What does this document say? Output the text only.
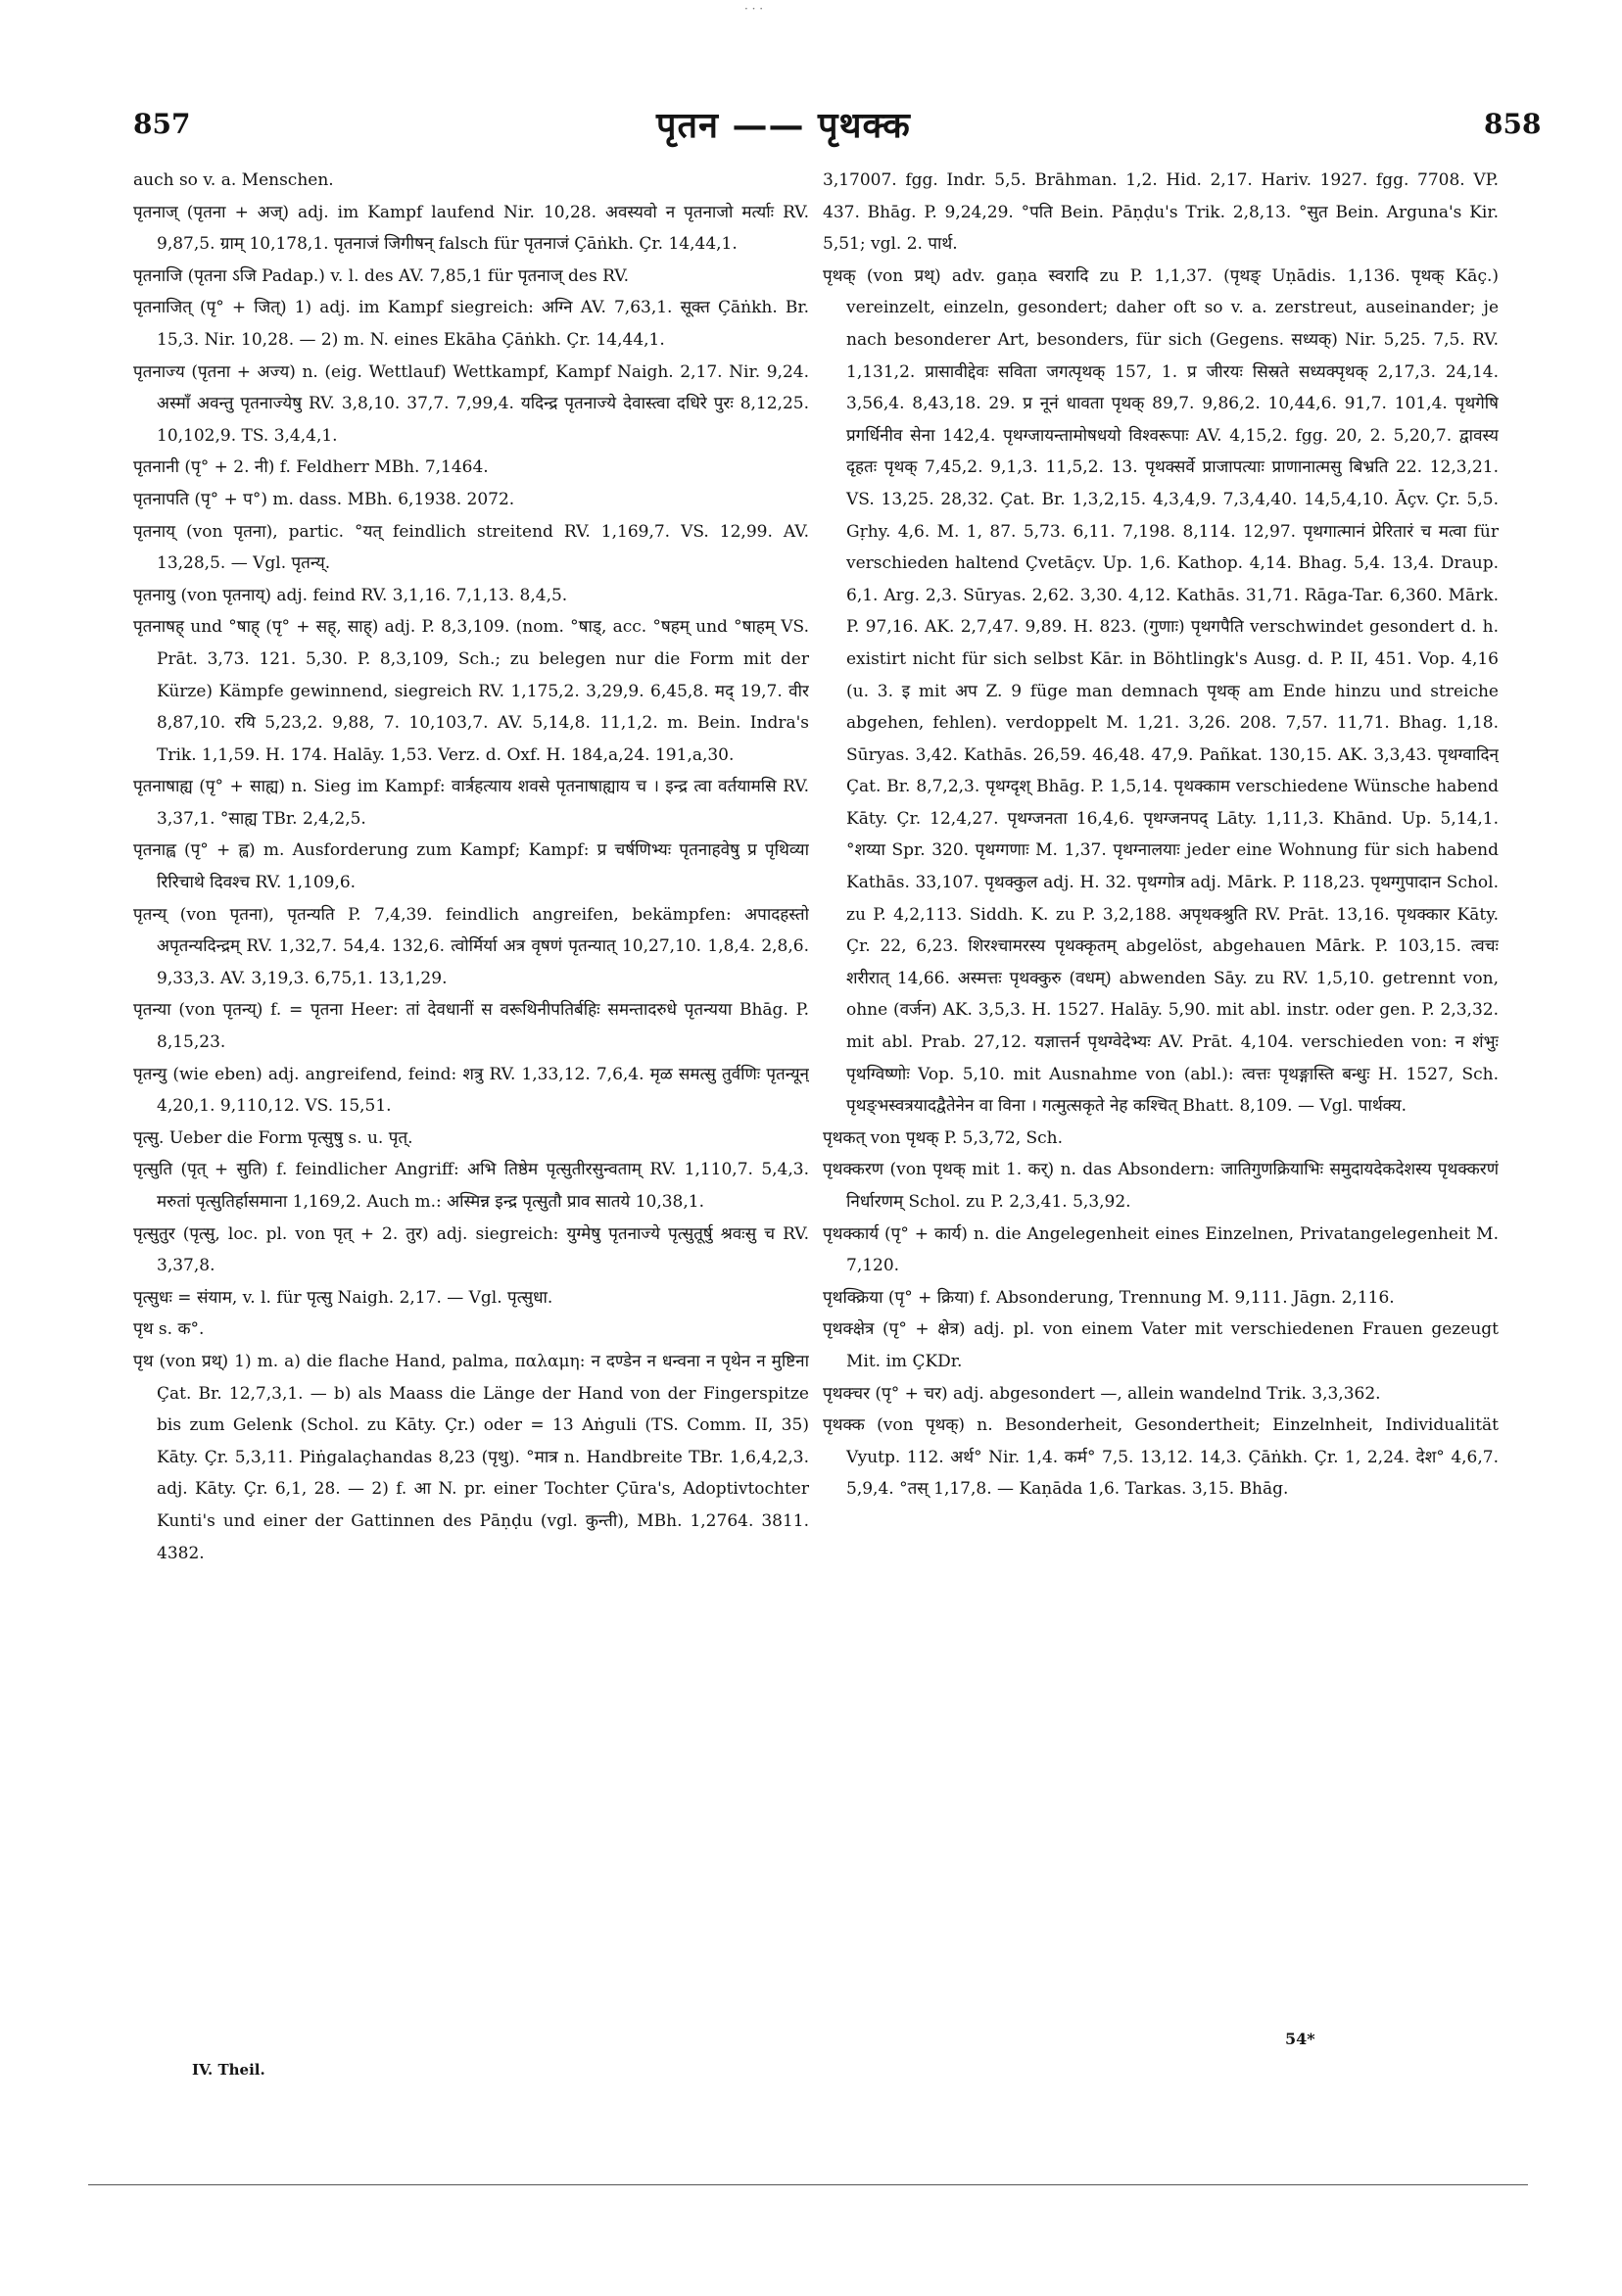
· · ·
857	पृतन —— पृथक्क	858

auch so v. a. Menschen.

पृतनाज् (पृतना + अज्) adj. im Kampf laufend Nir. 10,28. अवस्यवो न पृतनाजो मर्त्याः RV. 9,87,5. ग्राम् 10,178,1. पृतनाजं जिगीषन् falsch für पृतनाजं Çāṅkh. Çr. 14,44,1.

पृतनाजि (पृतना ऽजि Padap.) v. l. des AV. 7,85,1 für पृतनाज् des RV.

पृतनाजित् (पृ° + जित्) 1) adj. im Kampf siegreich: अग्नि AV. 7,63,1. सूक्त Çāṅkh. Br. 15,3. Nir. 10,28. — 2) m. N. eines Ekāha Çāṅkh. Çr. 14,44,1.

पृतनाज्य (पृतना + अज्य) n. (eig. Wettlauf) Wettkampf, Kampf Naigh. 2,17. Nir. 9,24. अस्माँ अवन्तु पृतनाज्येषु RV. 3,8,10. 37,7. 7,99,4. यदिन्द्र पृतनाज्ये देवास्त्वा दधिरे पुरः 8,12,25. 10,102,9. TS. 3,4,4,1.

पृतनानी (पृ° + 2. नी) f. Feldherr MBh. 7,1464.

पृतनापति (पृ° + प°) m. dass. MBh. 6,1938. 2072.

पृतनाय् (von पृतना), partic. °यत् feindlich streitend RV. 1,169,7. VS. 12,99. AV. 13,28,5. — Vgl. पृतन्य्.

पृतनायु (von पृतनाय्) adj. feind RV. 3,1,16. 7,1,13. 8,4,5.

पृतनाषह् und °षाह् (पृ° + सह्, साह्) adj. P. 8,3,109. (nom. °षाड्, acc. °षहम् und °षाहम् VS. Prāt. 3,73. 121. 5,30. P. 8,3,109, Sch.; zu belegen nur die Form mit der Kürze) Kämpfe gewinnend, siegreich RV. 1,175,2. 3,29,9. 6,45,8. मद् 19,7. वीर 8,87,10. रयि 5,23,2. 9,88, 7. 10,103,7. AV. 5,14,8. 11,1,2. m. Bein. Indra's Trik. 1,1,59. H. 174. Halāy. 1,53. Verz. d. Oxf. H. 184,a,24. 191,a,30.

पृतनाषाह्य (पृ° + साह्य) n. Sieg im Kampf: वार्त्रहत्याय शवसे पृतनाषाह्याय च । इन्द्र त्वा वर्तयामसि RV. 3,37,1. °साह्य TBr. 2,4,2,5.

पृतनाह्व (पृ° + ह्व) m. Ausforderung zum Kampf; Kampf: प्र चर्षणिभ्यः पृतनाहवेषु प्र पृथिव्या रिरिचाथे दिवश्च RV. 1,109,6.

पृतन्य् (von पृतना), पृतन्यति P. 7,4,39. feindlich angreifen, bekämpfen: अपादहस्तो अपृतन्यदिन्द्रम् RV. 1,32,7. 54,4. 132,6. त्वोर्मिर्या अत्र वृषणं पृतन्यात् 10,27,10. 1,8,4. 2,8,6. 9,33,3. AV. 3,19,3. 6,75,1. 13,1,29.

पृतन्या (von पृतन्य्) f. = पृतना Heer: तां देवधानीं स वरूथिनीपतिर्बहिः समन्तादरुधे पृतन्यया Bhāg. P. 8,15,23.

पृतन्यु (wie eben) adj. angreifend, feind: शत्रु RV. 1,33,12. 7,6,4. मृळ समत्सु तुर्वणिः पृतन्यून् 4,20,1. 9,110,12. VS. 15,51.

पृत्सु. Ueber die Form पृत्सुषु s. u. पृत्.

पृत्सुति (पृत् + सुति) f. feindlicher Angriff: अभि तिष्ठेम पृत्सुतीरसुन्वताम् RV. 1,110,7. 5,4,3. मरुतां पृत्सुतिर्हासमाना 1,169,2. Auch m.: अस्मिन्न इन्द्र पृत्सुतौ प्राव सातये 10,38,1.

पृत्सुतुर (पृत्सु, loc. pl. von पृत् + 2. तुर) adj. siegreich: युग्मेषु पृतनाज्ये पृत्सुतूर्षु श्रवःसु च RV. 3,37,8.

पृत्सुधः = संयाम, v. l. für पृत्सु Naigh. 2,17. — Vgl. पृत्सुधा.

पृथ s. क°.

पृथ (von प्रथ्) 1) m. a) die flache Hand, palma, παλαμη: न दण्डेन न धन्वना न पृथेन न मुष्टिना Çat. Br. 12,7,3,1. — b) als Maass die Länge der Hand von der Fingerspitze bis zum Gelenk (Schol. zu Kāty. Çr.) oder = 13 Aṅguli (TS. Comm. II, 35) Kāty. Çr. 5,3,11. Piṅgalaçhandas 8,23 (पृथु). °मात्र n. Handbreite TBr. 1,6,4,2,3. adj. Kāty. Çr. 6,1, 28. — 2) f. आ N. pr. einer Tochter Çūra's, Adoptivtochter Kunti's und einer der Gattinnen des Pāṇḍu (vgl. कुन्ती), MBh. 1,2764. 3811. 4382.

3,17007. fgg. Indr. 5,5. Brāhman. 1,2. Hid. 2,17. Hariv. 1927. fgg. 7708. VP. 437. Bhāg. P. 9,24,29. °पति Bein. Pāṇḍu's Trik. 2,8,13. °सुत Bein. Arguna's Kir. 5,51; vgl. 2. पार्थ.

पृथक् (von प्रथ्) adv. gaṇa स्वरादि zu P. 1,1,37. (पृथङ् Uṇādis. 1,136. पृथक् Kāç.) vereinzelt, einzeln, gesondert; daher oft so v. a. zerstreut, auseinander; je nach besonderer Art, besonders, für sich (Gegens. सध्यक्) Nir. 5,25. 7,5. RV. 1,131,2. प्रासावीद्देवः सविता जगत्पृथक् 157, 1. प्र जीरयः सिस्रते सध्यक्पृथक् 2,17,3. 24,14. 3,56,4. 8,43,18. 29. प्र नूनं धावता पृथक् 89,7. 9,86,2. 10,44,6. 91,7. 101,4. पृथगेषि प्रगर्धिनीव सेना 142,4. पृथग्जायन्तामोषधयो विश्वरूपाः AV. 4,15,2. fgg. 20, 2. 5,20,7. द्वावस्य दृहतः पृथक् 7,45,2. 9,1,3. 11,5,2. 13. पृथक्सर्वे प्राजापत्याः प्राणानात्मसु बिभ्रति 22. 12,3,21. VS. 13,25. 28,32. Çat. Br. 1,3,2,15. 4,3,4,9. 7,3,4,40. 14,5,4,10. Āçv. Çr. 5,5. Gṛhy. 4,6. M. 1, 87. 5,73. 6,11. 7,198. 8,114. 12,97. पृथगात्मानं प्रेरितारं च मत्वा für verschieden haltend Çvetāçv. Up. 1,6. Kathop. 4,14. Bhag. 5,4. 13,4. Draup. 6,1. Arg. 2,3. Sūryas. 2,62. 3,30. 4,12. Kathās. 31,71. Rāga-Tar. 6,360. Mārk. P. 97,16. AK. 2,7,47. 9,89. H. 823. (गुणाः) पृथगपैति verschwindet gesondert d. h. existirt nicht für sich selbst Kār. in Böhtlingk's Ausg. d. P. II, 451. Vop. 4,16 (u. 3. इ mit अप Z. 9 füge man demnach पृथक् am Ende hinzu und streiche abgehen, fehlen). verdoppelt M. 1,21. 3,26. 208. 7,57. 11,71. Bhag. 1,18. Sūryas. 3,42. Kathās. 26,59. 46,48. 47,9. Pañkat. 130,15. AK. 3,3,43. पृथग्वादिन् Çat. Br. 8,7,2,3. पृथग्दृश् Bhāg. P. 1,5,14. पृथक्काम verschiedene Wünsche habend Kāty. Çr. 12,4,27. पृथग्जनता 16,4,6. पृथग्जनपद् Lāty. 1,11,3. Khānd. Up. 5,14,1. °शय्या Spr. 320. पृथग्गणाः M. 1,37. पृथग्नालयाः jeder eine Wohnung für sich habend Kathās. 33,107. पृथक्कुल adj. H. 32. पृथग्गोत्र adj. Mārk. P. 118,23. पृथग्गुपादान Schol. zu P. 4,2,113. Siddh. K. zu P. 3,2,188. अपृथक्श्रुति RV. Prāt. 13,16. पृथक्कार Kāty. Çr. 22, 6,23. शिरश्चामरस्य पृथक्कृतम् abgelöst, abgehauen Mārk. P. 103,15. त्वचः शरीरात् 14,66. अस्मत्तः पृथक्कुरु (वधम्) abwenden Sāy. zu RV. 1,5,10. getrennt von, ohne (वर्जन) AK. 3,5,3. H. 1527. Halāy. 5,90. mit abl. instr. oder gen. P. 2,3,32. mit abl. Prab. 27,12. यज्ञात्तर्न पृथग्वेदेभ्यः AV. Prāt. 4,104. verschieden von: न शंभुः पृथग्विष्णोः Vop. 5,10. mit Ausnahme von (abl.): त्वत्तः पृथङ्गास्ति बन्धुः H. 1527, Sch. पृथङ्भस्वत्रयादद्वैतेनेन वा विना । गत्मुत्सकृते नेह कश्चित् Bhatt. 8,109. — Vgl. पार्थक्य.

पृथकत् von पृथक् P. 5,3,72, Sch.

पृथक्करण (von पृथक् mit 1. कर्) n. das Absondern: जातिगुणक्रियाभिः समुदायदेकदेशस्य पृथक्करणं निर्धारणम् Schol. zu P. 2,3,41. 5,3,92.

पृथक्कार्य (पृ° + कार्य) n. die Angelegenheit eines Einzelnen, Privatangelegenheit M. 7,120.

पृथक्क्रिया (पृ° + क्रिया) f. Absonderung, Trennung M. 9,111. Jāgn. 2,116.

पृथक्क्षेत्र (पृ° + क्षेत्र) adj. pl. von einem Vater mit verschiedenen Frauen gezeugt Mit. im ÇKDr.

पृथक्चर (पृ° + चर) adj. abgesondert —, allein wandelnd Trik. 3,3,362.

पृथक्क (von पृथक्) n. Besonderheit, Gesondertheit; Einzelnheit, Individualität Vyutp. 112. अर्थ° Nir. 1,4. कर्म° 7,5. 13,12. 14,3. Çāṅkh. Çr. 1, 2,24. देश° 4,6,7. 5,9,4. °तस् 1,17,8. — Kaṇāda 1,6. Tarkas. 3,15. Bhāg.

IV. Theil.
54*
